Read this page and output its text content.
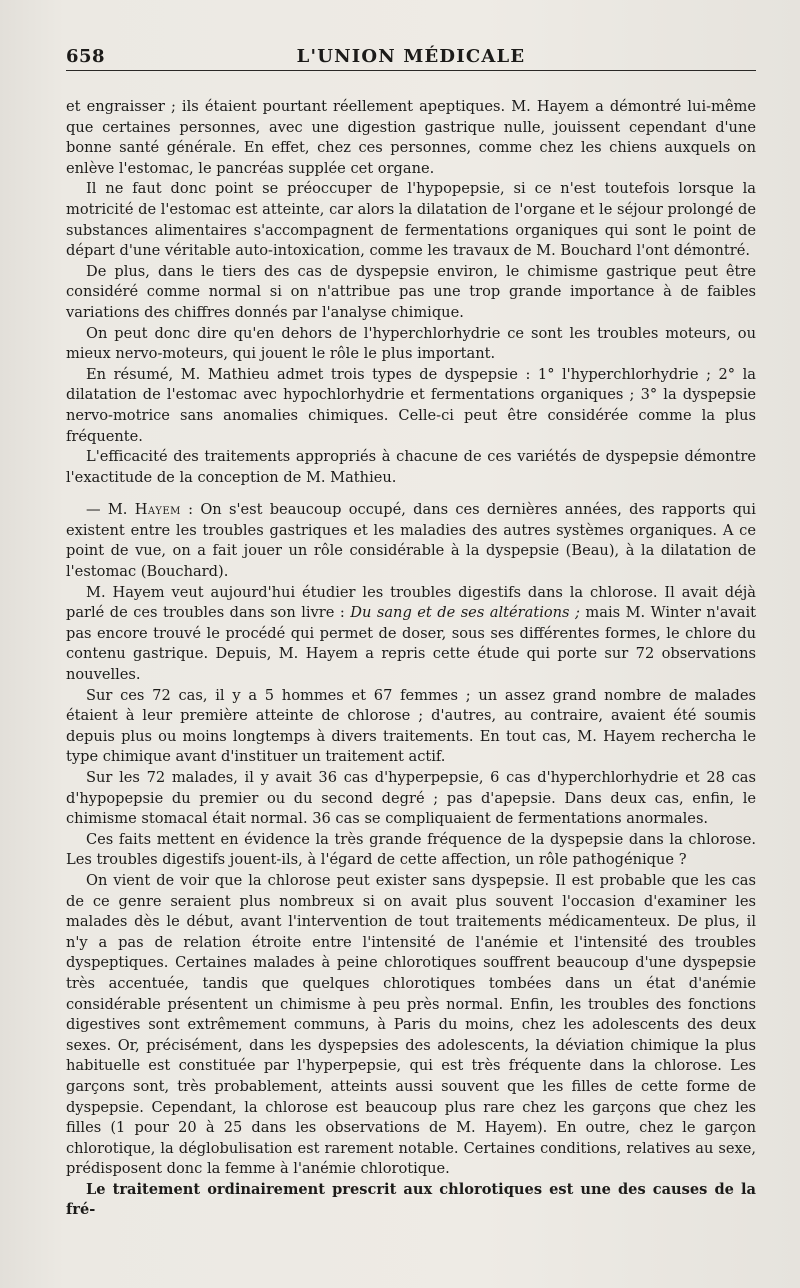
658	L'UNION MÉDICALE

et engraisser ; ils étaient pourtant réellement apeptiques. M. Hayem a démontré lui-même que certaines personnes, avec une digestion gastrique nulle, jouissent cependant d'une bonne santé générale. En effet, chez ces personnes, comme chez les chiens auxquels on enlève l'estomac, le pancréas supplée cet organe.

Il ne faut donc point se préoccuper de l'hypopepsie, si ce n'est toutefois lorsque la motricité de l'estomac est atteinte, car alors la dilatation de l'organe et le séjour prolongé de substances alimentaires s'accompagnent de fermentations organiques qui sont le point de départ d'une véritable auto-intoxication, comme les travaux de M. Bouchard l'ont démontré.

De plus, dans le tiers des cas de dyspepsie environ, le chimisme gastrique peut être considéré comme normal si on n'attribue pas une trop grande importance à de faibles variations des chiffres donnés par l'analyse chimique.

On peut donc dire qu'en dehors de l'hyperchlorhydrie ce sont les troubles moteurs, ou mieux nervo-moteurs, qui jouent le rôle le plus important.

En résumé, M. Mathieu admet trois types de dyspepsie : 1° l'hyperchlorhydrie ; 2° la dilatation de l'estomac avec hypochlorhydrie et fermentations organiques ; 3° la dyspepsie nervo-motrice sans anomalies chimiques. Celle-ci peut être considérée comme la plus fréquente.

L'efficacité des traitements appropriés à chacune de ces variétés de dyspepsie démontre l'exactitude de la conception de M. Mathieu.

— M. Hayem : On s'est beaucoup occupé, dans ces dernières années, des rapports qui existent entre les troubles gastriques et les maladies des autres systèmes organiques. A ce point de vue, on a fait jouer un rôle considérable à la dyspepsie (Beau), à la dilatation de l'estomac (Bouchard).

M. Hayem veut aujourd'hui étudier les troubles digestifs dans la chlorose. Il avait déjà parlé de ces troubles dans son livre : Du sang et de ses altérations ; mais M. Winter n'avait pas encore trouvé le procédé qui permet de doser, sous ses différentes formes, le chlore du contenu gastrique. Depuis, M. Hayem a repris cette étude qui porte sur 72 observations nouvelles.

Sur ces 72 cas, il y a 5 hommes et 67 femmes ; un assez grand nombre de malades étaient à leur première atteinte de chlorose ; d'autres, au contraire, avaient été soumis depuis plus ou moins longtemps à divers traitements. En tout cas, M. Hayem rechercha le type chimique avant d'instituer un traitement actif.

Sur les 72 malades, il y avait 36 cas d'hyperpepsie, 6 cas d'hyperchlorhydrie et 28 cas d'hypopepsie du premier ou du second degré ; pas d'apepsie. Dans deux cas, enfin, le chimisme stomacal était normal. 36 cas se compliquaient de fermentations anormales.

Ces faits mettent en évidence la très grande fréquence de la dyspepsie dans la chlorose. Les troubles digestifs jouent-ils, à l'égard de cette affection, un rôle pathogénique ?

On vient de voir que la chlorose peut exister sans dyspepsie. Il est probable que les cas de ce genre seraient plus nombreux si on avait plus souvent l'occasion d'examiner les malades dès le début, avant l'intervention de tout traitements médicamenteux. De plus, il n'y a pas de relation étroite entre l'intensité de l'anémie et l'intensité des troubles dyspeptiques. Certaines malades à peine chlorotiques souffrent beaucoup d'une dyspepsie très accentuée, tandis que quelques chlorotiques tombées dans un état d'anémie considérable présentent un chimisme à peu près normal. Enfin, les troubles des fonctions digestives sont extrêmement communs, à Paris du moins, chez les adolescents des deux sexes. Or, précisément, dans les dyspepsies des adolescents, la déviation chimique la plus habituelle est constituée par l'hyperpepsie, qui est très fréquente dans la chlorose. Les garçons sont, très probablement, atteints aussi souvent que les filles de cette forme de dyspepsie. Cependant, la chlorose est beaucoup plus rare chez les garçons que chez les filles (1 pour 20 à 25 dans les observations de M. Hayem). En outre, chez le garçon chlorotique, la déglobulisation est rarement notable. Certaines conditions, relatives au sexe, prédisposent donc la femme à l'anémie chlorotique.

Le traitement ordinairement prescrit aux chlorotiques est une des causes de la fré-
